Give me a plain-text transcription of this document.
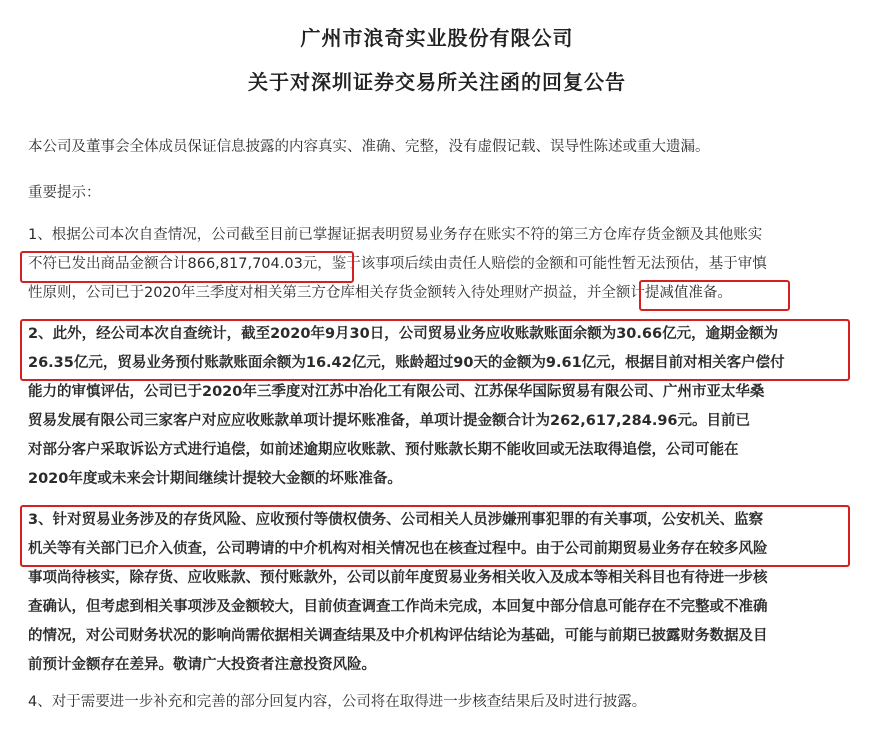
广州市浪奇实业股份有限公司
关于对深圳证券交易所关注函的回复公告

本公司及董事会全体成员保证信息披露的内容真实、准确、完整，没有虚假记载、误导性陈述或重大遗漏。

重要提示：

1、根据公司本次自查情况，公司截至目前已掌握证据表明贸易业务存在账实不符的第三方仓库存货金额及其他账实
不符已发出商品金额合计866,817,704.03元，鉴于该事项后续由责任人赔偿的金额和可能性暂无法预估，基于审慎
性原则，公司已于2020年三季度对相关第三方仓库相关存货金额转入待处理财产损益，并全额计提减值准备。

2、此外，经公司本次自查统计，截至2020年9月30日，公司贸易业务应收账款账面余额为30.66亿元，逾期金额为
26.35亿元，贸易业务预付账款账面余额为16.42亿元，账龄超过90天的金额为9.61亿元，根据目前对相关客户偿付
能力的审慎评估，公司已于2020年三季度对江苏中冶化工有限公司、江苏保华国际贸易有限公司、广州市亚太华桑
贸易发展有限公司三家客户对应应收账款单项计提坏账准备，单项计提金额合计为262,617,284.96元。目前已
对部分客户采取诉讼方式进行追偿，如前述逾期应收账款、预付账款长期不能收回或无法取得追偿，公司可能在
2020年度或未来会计期间继续计提较大金额的坏账准备。

3、针对贸易业务涉及的存货风险、应收预付等债权债务、公司相关人员涉嫌刑事犯罪的有关事项，公安机关、监察
机关等有关部门已介入侦查，公司聘请的中介机构对相关情况也在核查过程中。由于公司前期贸易业务存在较多风险
事项尚待核实，除存货、应收账款、预付账款外，公司以前年度贸易业务相关收入及成本等相关科目也有待进一步核
查确认，但考虑到相关事项涉及金额较大，目前侦查调查工作尚未完成，本回复中部分信息可能存在不完整或不准确
的情况，对公司财务状况的影响尚需依据相关调查结果及中介机构评估结论为基础，可能与前期已披露财务数据及目
前预计金额存在差异。敬请广大投资者注意投资风险。

4、对于需要进一步补充和完善的部分回复内容，公司将在取得进一步核查结果后及时进行披露。
